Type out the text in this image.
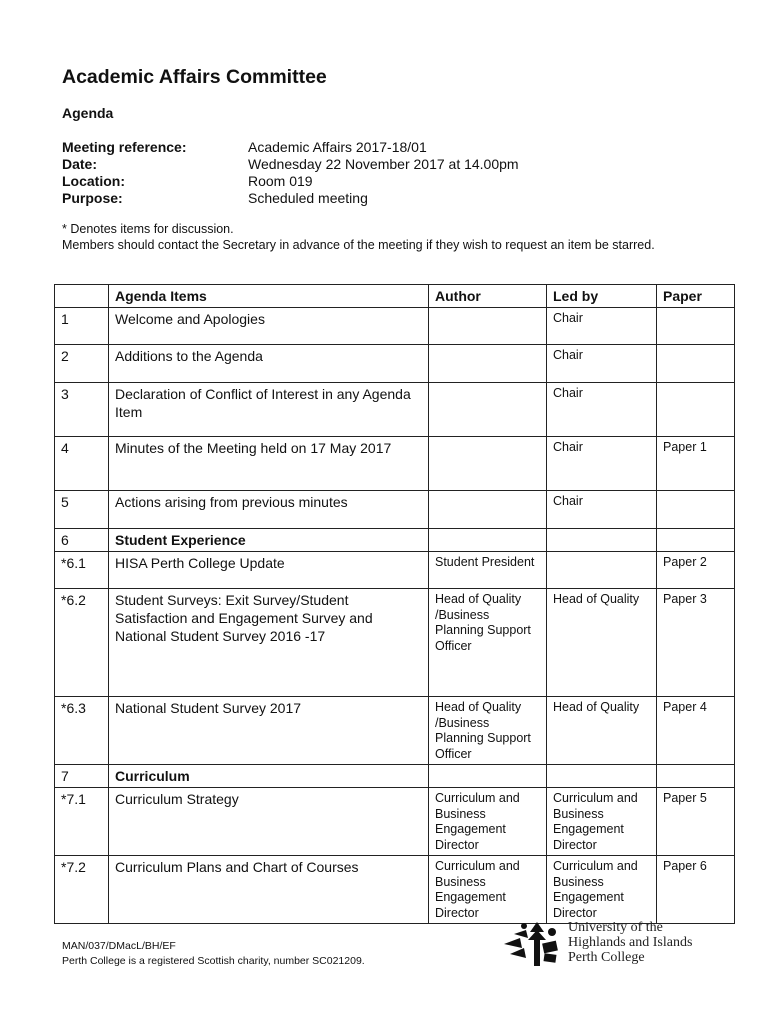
Academic Affairs Committee
Agenda
Meeting reference:	Academic Affairs 2017-18/01
Date:	Wednesday 22 November 2017 at 14.00pm
Location:	Room 019
Purpose:	Scheduled meeting
* Denotes items for discussion.
Members should contact the Secretary in advance of the meeting if they wish to request an item be starred.
	Agenda Items	Author	Led by	Paper
1	Welcome and Apologies		Chair	
2	Additions to the Agenda		Chair	
3	Declaration of Conflict of Interest in any Agenda Item		Chair	
4	Minutes of the Meeting held on 17 May 2017		Chair	Paper 1
5	Actions arising from previous minutes		Chair	
6	Student Experience			
*6.1	HISA Perth College Update	Student President		Paper 2
*6.2	Student Surveys: Exit Survey/Student Satisfaction and Engagement Survey and National Student Survey 2016 -17	Head of Quality /Business Planning Support Officer	Head of Quality	Paper 3
*6.3	National Student Survey 2017	Head of Quality /Business Planning Support Officer	Head of Quality	Paper 4
7	Curriculum			
*7.1	Curriculum Strategy	Curriculum and Business Engagement Director	Curriculum and Business Engagement Director	Paper 5
*7.2	Curriculum Plans and Chart of Courses	Curriculum and Business Engagement Director	Curriculum and Business Engagement Director	Paper 6
MAN/037/DMacL/BH/EF
Perth College is a registered Scottish charity, number SC021209.
University of the
Highlands and Islands
Perth College
